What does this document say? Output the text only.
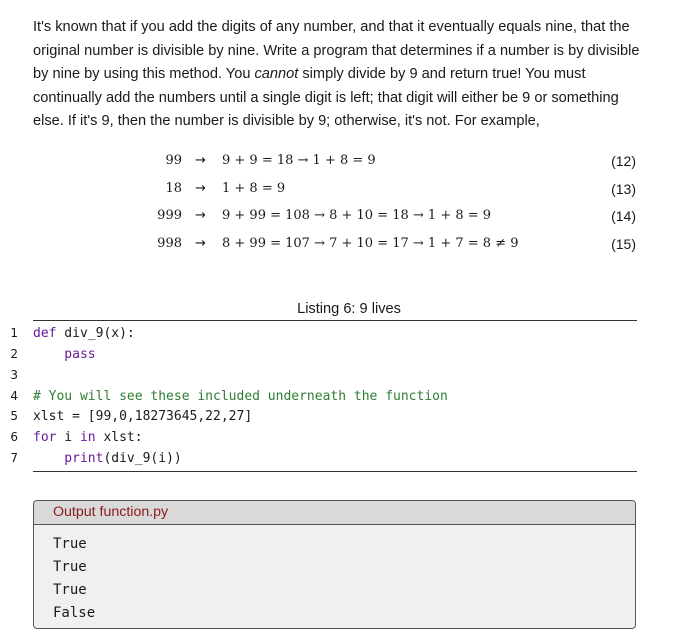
It's known that if you add the digits of any number, and that it eventually equals nine, that the original number is divisible by nine. Write a program that determines if a number is by divisible by nine by using this method. You cannot simply divide by 9 and return true! You must continually add the numbers until a single digit is left; that digit will either be 9 or something else. If it's 9, then the number is divisible by 9; otherwise, it's not. For example,
99 → 9 + 9 = 18 → 1 + 8 = 9	(12)
18 → 1 + 8 = 9	(13)
999 → 9 + 99 = 108 → 8 + 10 = 18 → 1 + 8 = 9	(14)
998 → 8 + 99 = 107 → 7 + 10 = 17 → 1 + 7 = 8 ≠ 9	(15)
Listing 6: 9 lives
1 def div_9(x):
2 pass
3
4 # You will see these included underneath the function
5 xlst = [99,0,18273645,22,27]
6 for i in xlst:
7 print(div_9(i))
Output function.py
True
True
True
False
